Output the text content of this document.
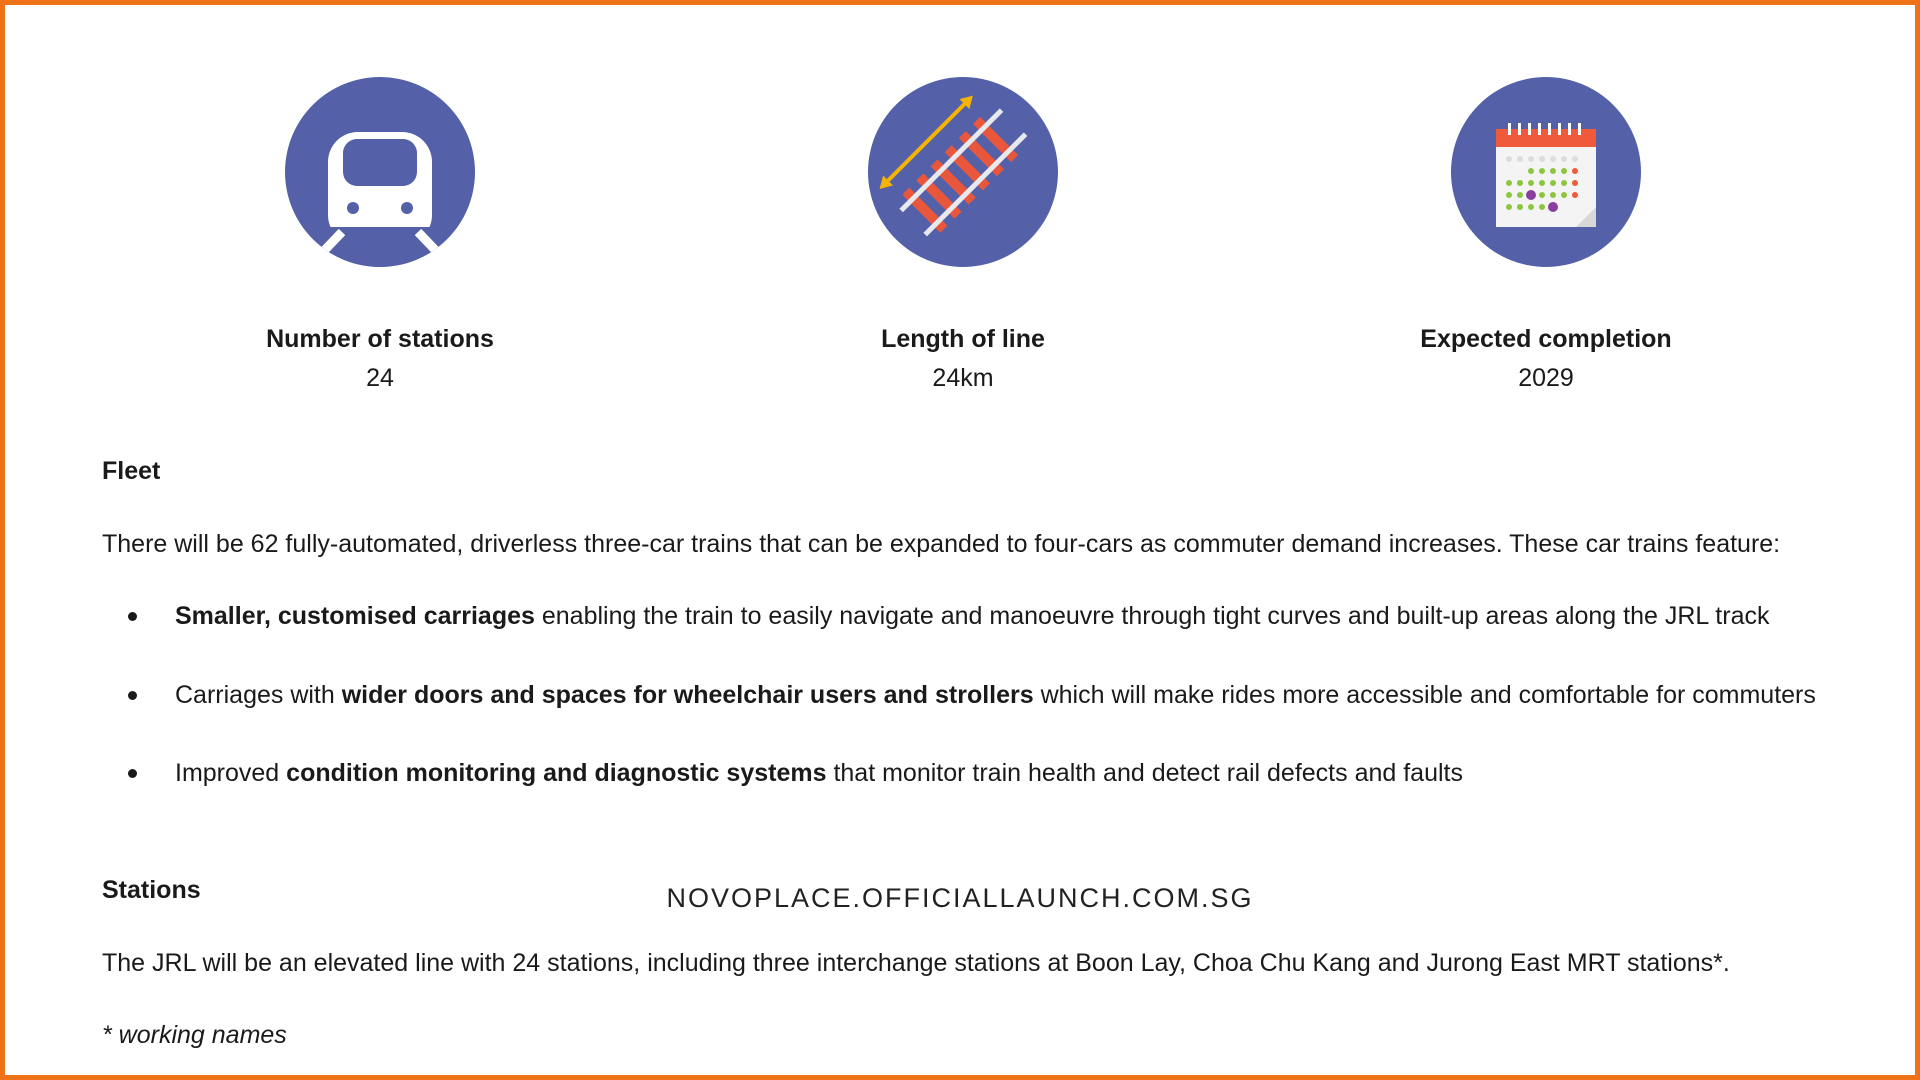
Number of stations
24
Length of line
24km
Expected completion
2029
Fleet

There will be 62 fully-automated, driverless three-car trains that can be expanded to four-cars as commuter demand increases. These car trains feature:

Smaller, customised carriages enabling the train to easily navigate and manoeuvre through tight curves and built-up areas along the JRL track
Carriages with wider doors and spaces for wheelchair users and strollers which will make rides more accessible and comfortable for commuters
Improved condition monitoring and diagnostic systems that monitor train health and detect rail defects and faults
Stations

The JRL will be an elevated line with 24 stations, including three interchange stations at Boon Lay, Choa Chu Kang and Jurong East MRT stations*.

* working names
NOVOPLACE.OFFICIALLAUNCH.COM.SG
